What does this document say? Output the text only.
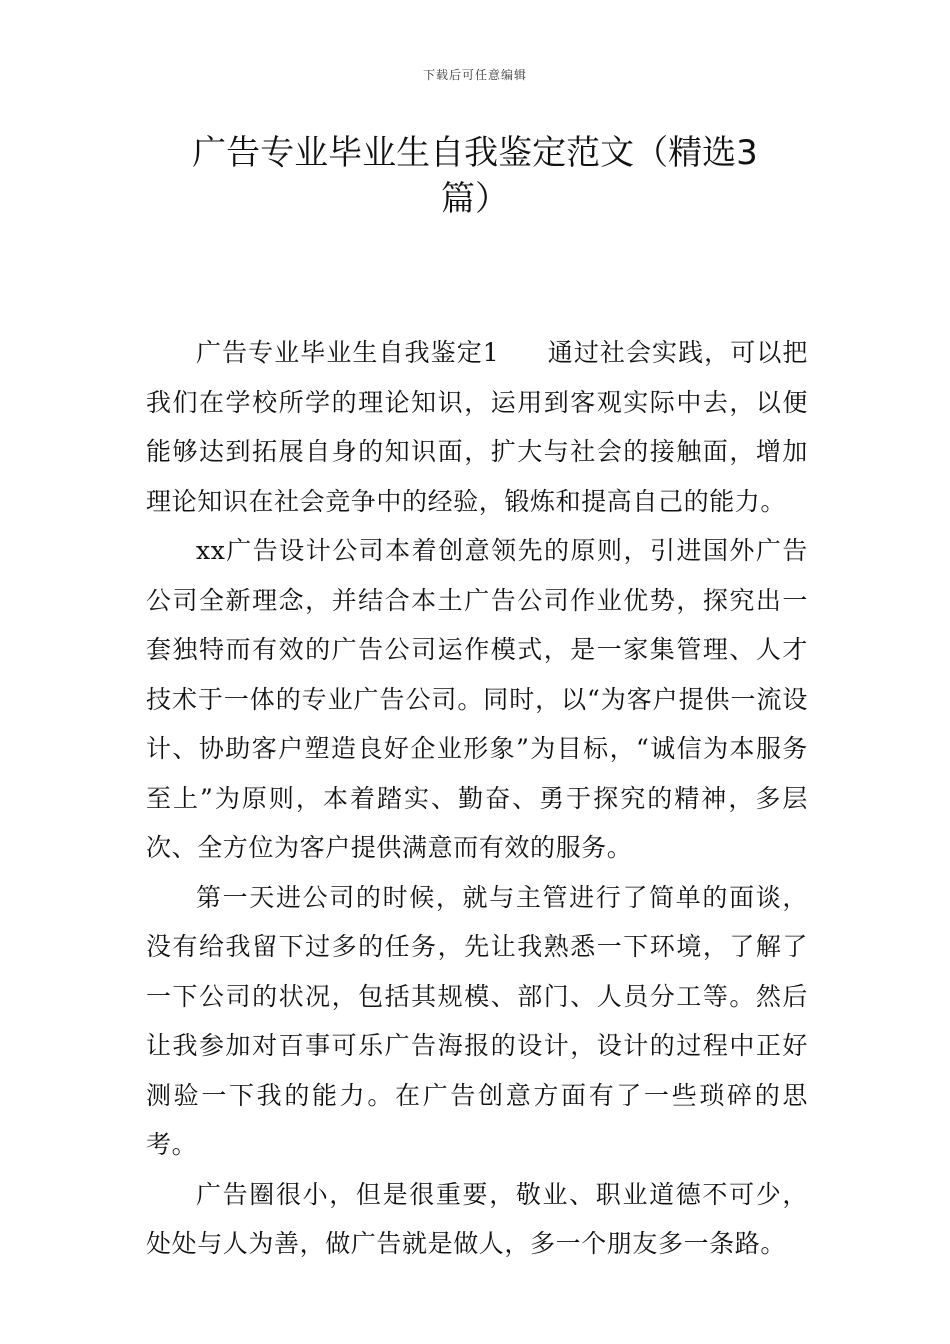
下载后可任意编辑
广告专业毕业生自我鉴定范文（精选3篇）

广告专业毕业生自我鉴定1 通过社会实践，可以把我们在学校所学的理论知识，运用到客观实际中去，以便能够达到拓展自身的知识面，扩大与社会的接触面，增加理论知识在社会竞争中的经验，锻炼和提高自己的能力。

xx广告设计公司本着创意领先的原则，引进国外广告公司全新理念，并结合本土广告公司作业优势，探究出一套独特而有效的广告公司运作模式，是一家集管理、人才技术于一体的专业广告公司。同时，以“为客户提供一流设计、协助客户塑造良好企业形象”为目标，“诚信为本服务至上”为原则，本着踏实、勤奋、勇于探究的精神，多层次、全方位为客户提供满意而有效的服务。

第一天进公司的时候，就与主管进行了简单的面谈，没有给我留下过多的任务，先让我熟悉一下环境，了解了一下公司的状况，包括其规模、部门、人员分工等。然后让我参加对百事可乐广告海报的设计，设计的过程中正好测验一下我的能力。在广告创意方面有了一些琐碎的思考。

广告圈很小，但是很重要，敬业、职业道德不可少，处处与人为善，做广告就是做人，多一个朋友多一条路。
